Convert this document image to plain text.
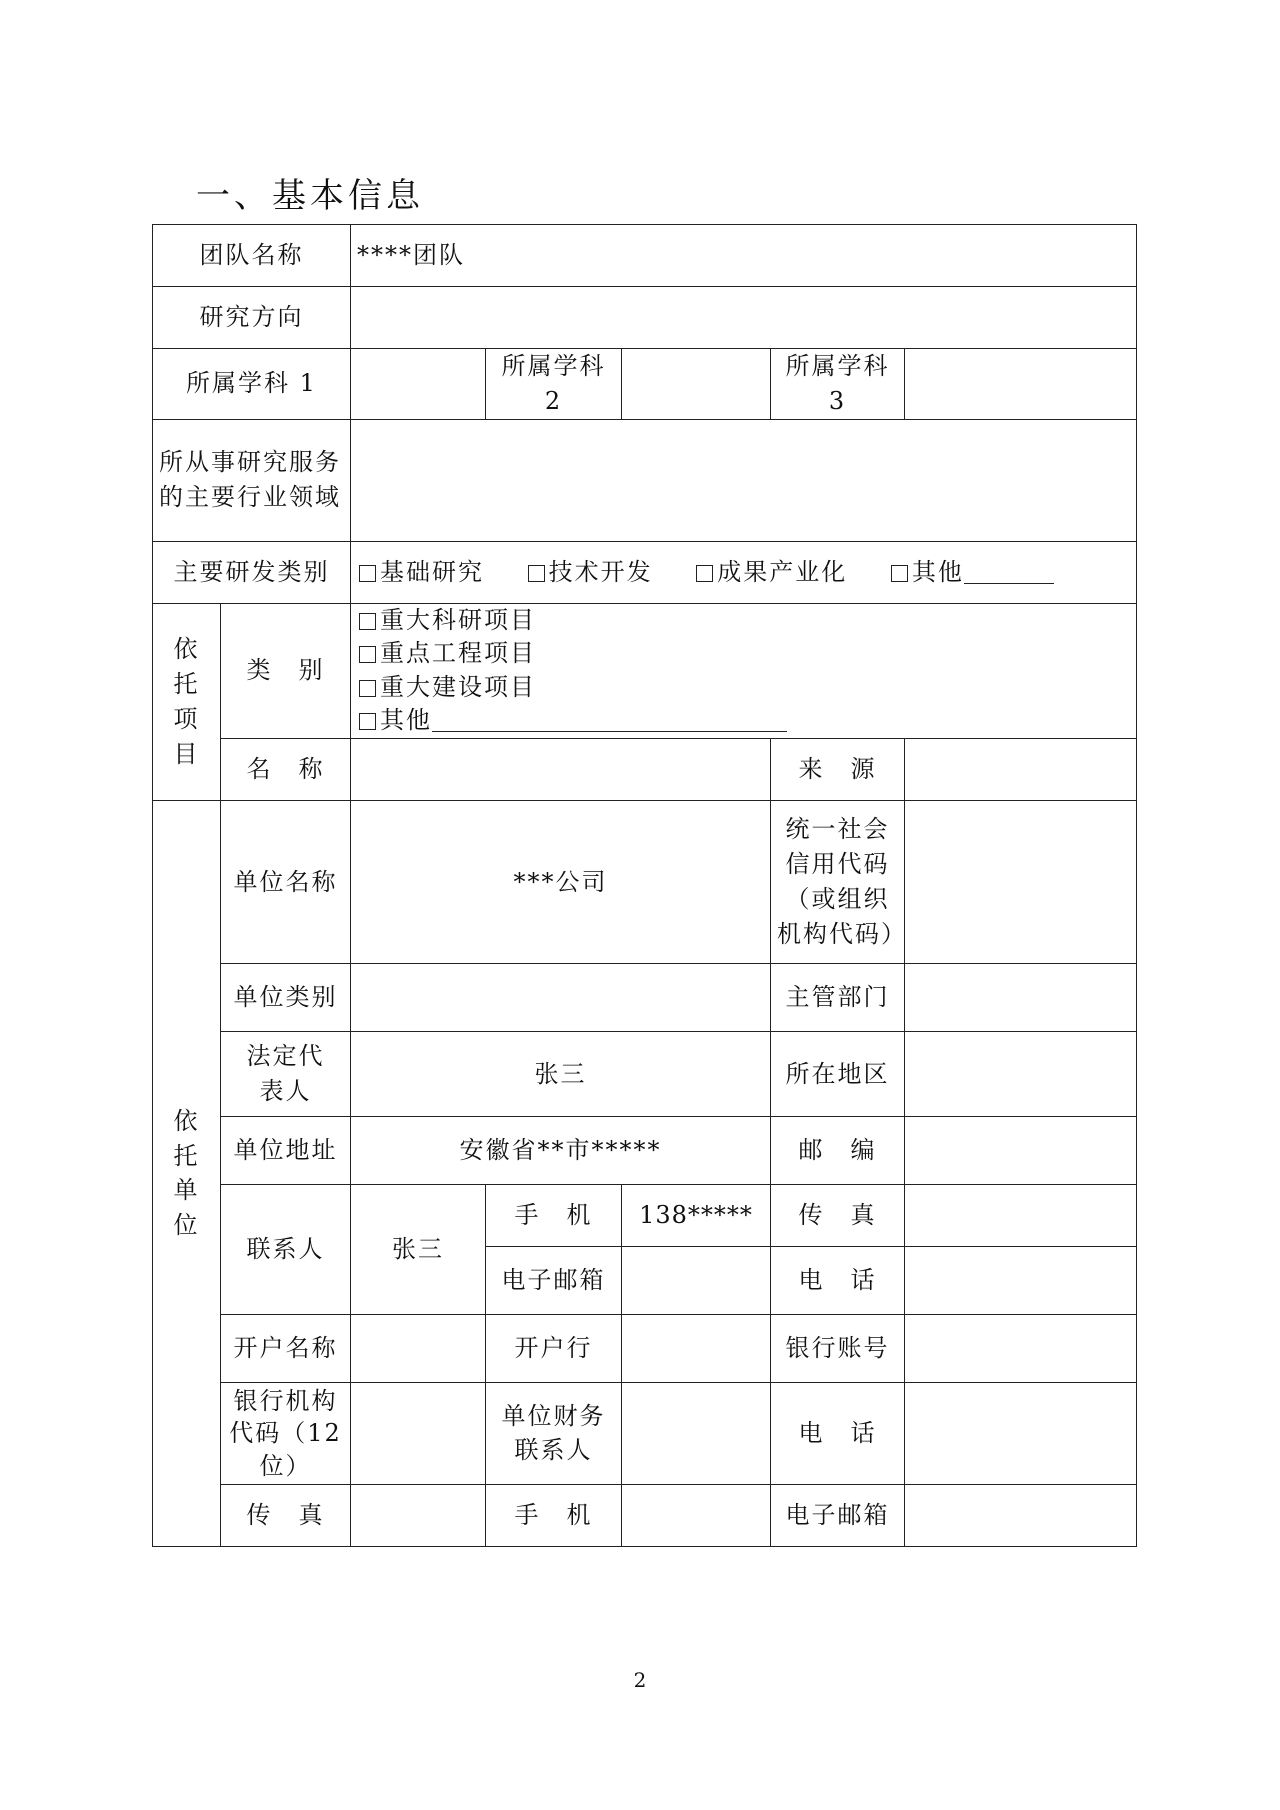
一、基本信息
团队名称		****团队				
研究方向						
所属学科 1			所属学科 2		所属学科 3	
所从事研究服务的主要行业领域						
主要研发类别		基础研究 技术开发 成果产业化 其他				

依托项目	类　别	重大科研项目
重点工程项目
重大建设项目
其他				

	名　称				来　源	

依托单位	单位名称	***公司			统一社会信用代码（或组织机构代码）	
	单位类别				主管部门	

	法定代表人	张三			所在地区	
	单位地址	安徽省**市*****			邮　编	
	联系人	张三	手　机	138*****	传　真	
			电子邮箱		电　话	
	开户名称		开户行		银行账号	
	银行机构代码（12位）		单位财务联系人		电　话	
	传　真		手　机		电子邮箱	
2
